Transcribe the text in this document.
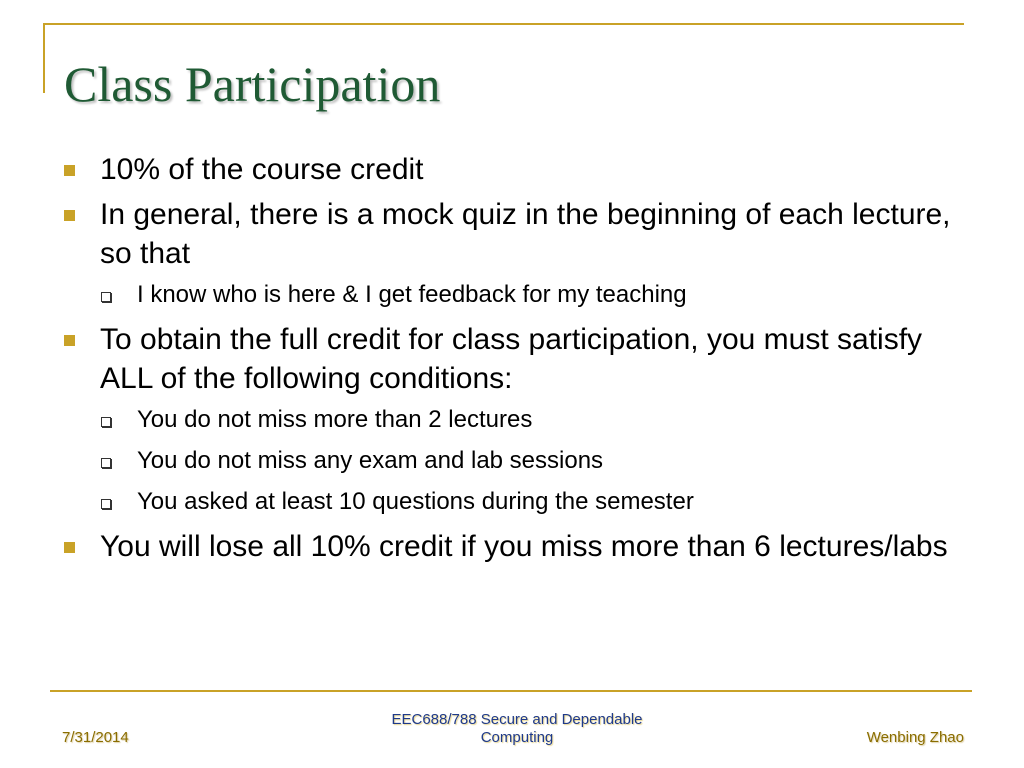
Class Participation
10% of the course credit
In general, there is a mock quiz in the beginning of each lecture, so that
I know who is here & I get feedback for my teaching
To obtain the full credit for class participation, you must satisfy ALL of the following conditions:
You do not miss more than 2 lectures
You do not miss any exam and lab sessions
You asked at least 10 questions during the semester
You will lose all 10% credit if you miss more than 6 lectures/labs
7/31/2014
EEC688/788 Secure and Dependable Computing	Wenbing Zhao
